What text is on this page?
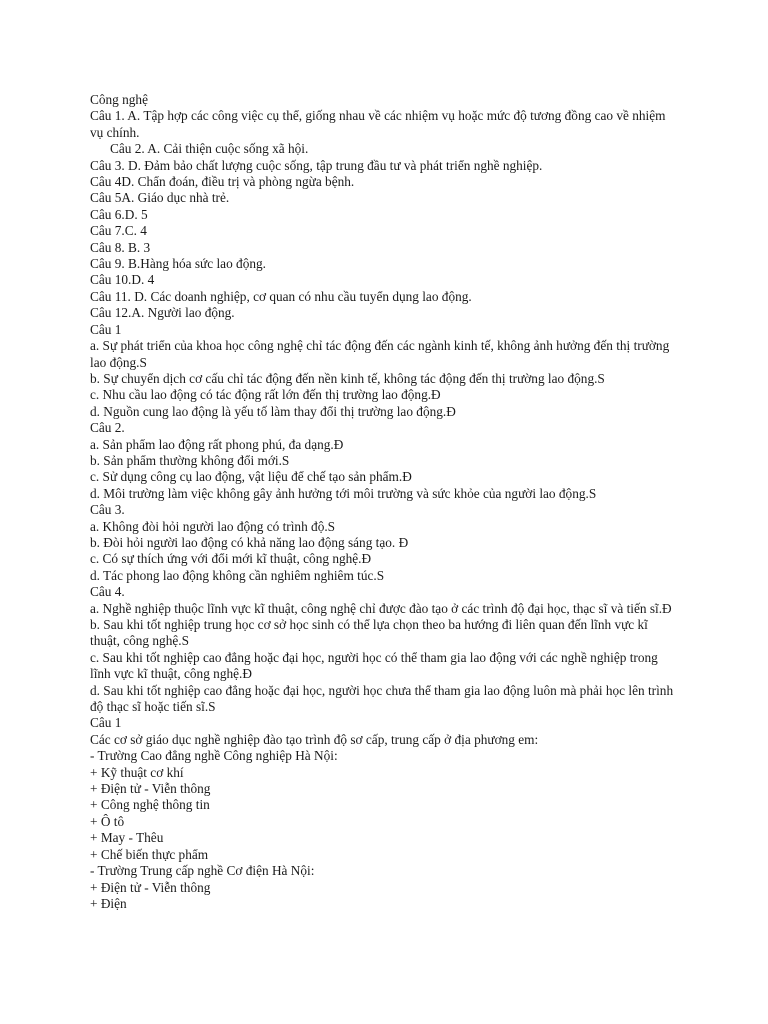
Công nghệ

Câu 1. A. Tập hợp các công việc cụ thể, giống nhau về các nhiệm vụ hoặc mức độ tương đồng cao về nhiệm vụ chính.

Câu 2. A. Cải thiện cuộc sống xã hội.

Câu 3. D. Đảm bảo chất lượng cuộc sống, tập trung đầu tư và phát triển nghề nghiệp.

Câu 4D. Chẩn đoán, điều trị và phòng ngừa bệnh.

Câu 5A. Giáo dục nhà trẻ.

Câu 6.D. 5

Câu 7.C. 4

Câu 8. B. 3

Câu 9. B.Hàng hóa sức lao động.

Câu 10.D. 4

Câu 11. D. Các doanh nghiệp, cơ quan có nhu cầu tuyển dụng lao động.

Câu 12.A. Người lao động.

Câu 1

a. Sự phát triển của khoa học công nghệ chỉ tác động đến các ngành kinh tế, không ảnh hưởng đến thị trường lao động.S

b. Sự chuyển dịch cơ cấu chỉ tác động đến nền kinh tế, không tác động đến thị trường lao động.S

c. Nhu cầu lao động có tác động rất lớn đến thị trường lao động.Đ

d. Nguồn cung lao động là yếu tố làm thay đổi thị trường lao động.Đ

Câu 2.

a. Sản phẩm lao động rất phong phú, đa dạng.Đ

b. Sản phẩm thường không đổi mới.S

c. Sử dụng công cụ lao động, vật liệu để chế tạo sản phẩm.Đ

d. Môi trường làm việc không gây ảnh hưởng tới môi trường và sức khỏe của người lao động.S

Câu 3.

a. Không đòi hỏi người lao động có trình độ.S

b. Đòi hỏi người lao động có khả năng lao động sáng tạo. Đ

c. Có sự thích ứng với đổi mới kĩ thuật, công nghệ.Đ

d. Tác phong lao động không cần nghiêm nghiêm túc.S

Câu 4.

a. Nghề nghiệp thuộc lĩnh vực kĩ thuật, công nghệ chỉ được đào tạo ở các trình độ đại học, thạc sĩ và tiến sĩ.Đ

b. Sau khi tốt nghiệp trung học cơ sở học sinh có thể lựa chọn theo ba hướng đi liên quan đến lĩnh vực kĩ thuật, công nghệ.S

c. Sau khi tốt nghiệp cao đẳng hoặc đại học, người học có thể tham gia lao động với các nghề nghiệp trong lĩnh vực kĩ thuật, công nghệ.Đ

d. Sau khi tốt nghiệp cao đẳng hoặc đại học, người học chưa thể tham gia lao động luôn mà phải học lên trình độ thạc sĩ hoặc tiến sĩ.S

Câu 1

Các cơ sở giáo dục nghề nghiệp đào tạo trình độ sơ cấp, trung cấp ở địa phương em:

- Trường Cao đẳng nghề Công nghiệp Hà Nội:

+ Kỹ thuật cơ khí

+ Điện tử - Viễn thông

+ Công nghệ thông tin

+ Ô tô

+ May - Thêu

+ Chế biến thực phẩm

- Trường Trung cấp nghề Cơ điện Hà Nội:

+ Điện tử - Viễn thông

+ Điện
